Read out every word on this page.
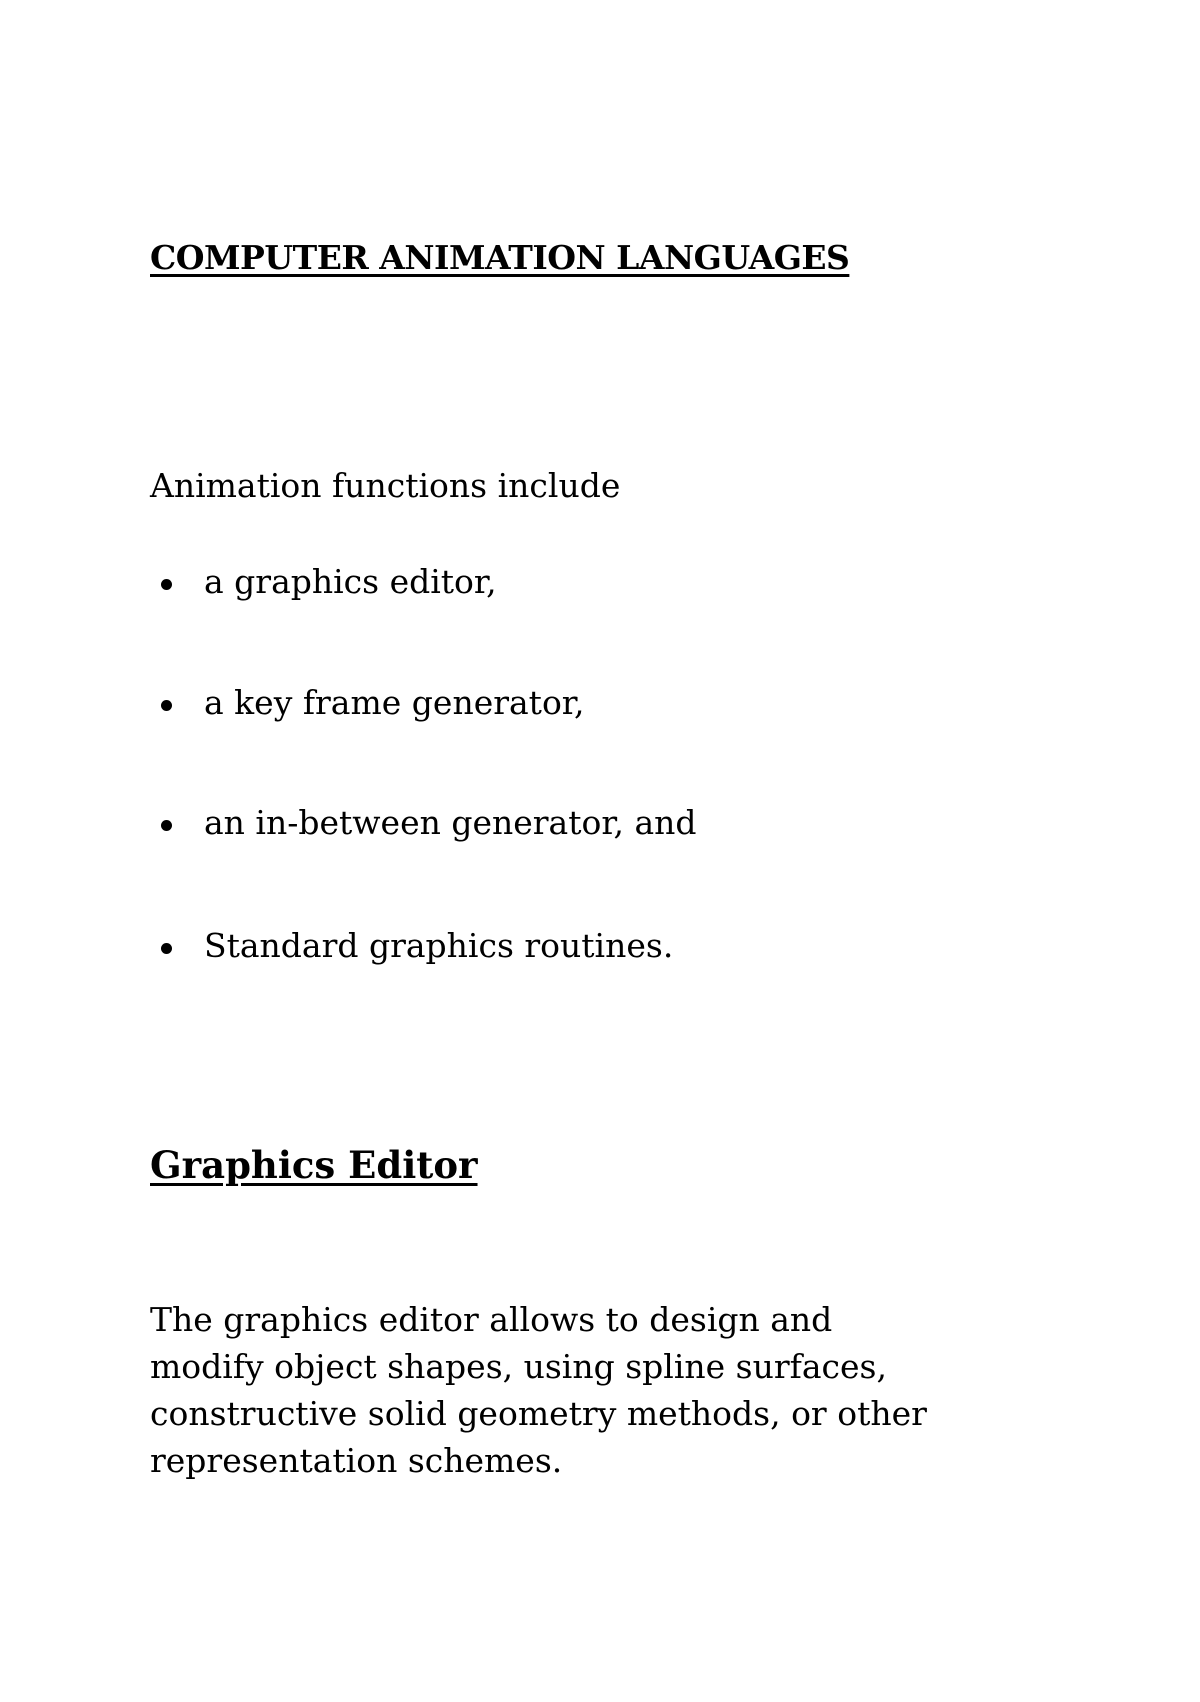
COMPUTER ANIMATION LANGUAGES

Animation functions include

a graphics editor,
a key frame generator,
an in-between generator, and
Standard graphics routines.
Graphics Editor

The graphics editor allows to design and modify object shapes, using spline surfaces, constructive solid geometry methods, or other representation schemes.
